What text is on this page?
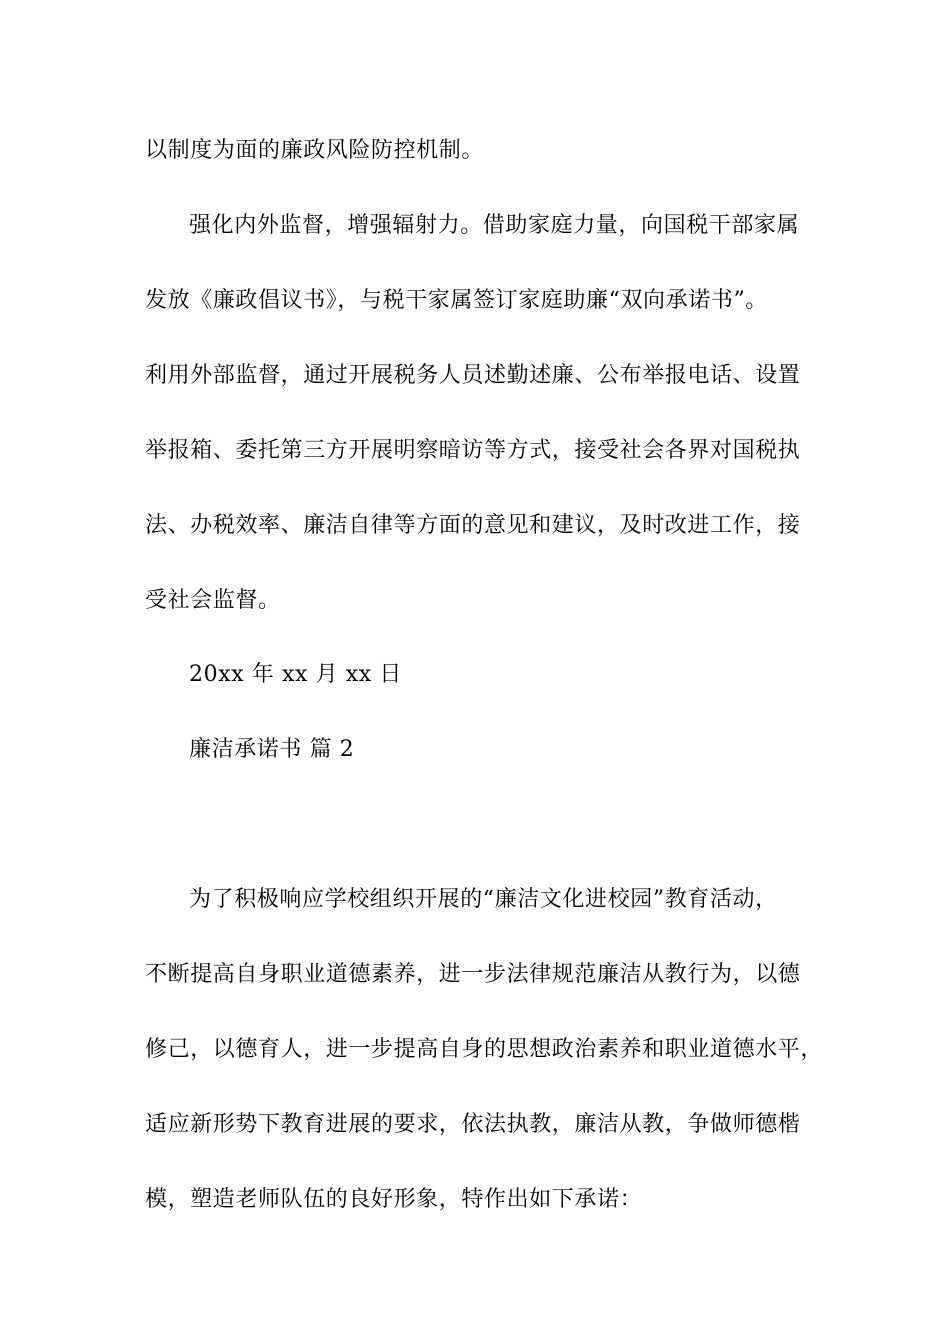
以制度为面的廉政风险防控机制。
强化内外监督，增强辐射力。借助家庭力量，向国税干部家属
发放《廉政倡议书》，与税干家属签订家庭助廉“双向承诺书”。
利用外部监督，通过开展税务人员述勤述廉、公布举报电话、设置
举报箱、委托第三方开展明察暗访等方式，接受社会各界对国税执
法、办税效率、廉洁自律等方面的意见和建议，及时改进工作，接
受社会监督。
20xx 年 xx 月 xx 日
廉洁承诺书 篇 2
为了积极响应学校组织开展的“廉洁文化进校园”教育活动，
不断提高自身职业道德素养，进一步法律规范廉洁从教行为，以德
修己，以德育人，进一步提高自身的思想政治素养和职业道德水平，
适应新形势下教育进展的要求，依法执教，廉洁从教，争做师德楷
模，塑造老师队伍的良好形象，特作出如下承诺：
